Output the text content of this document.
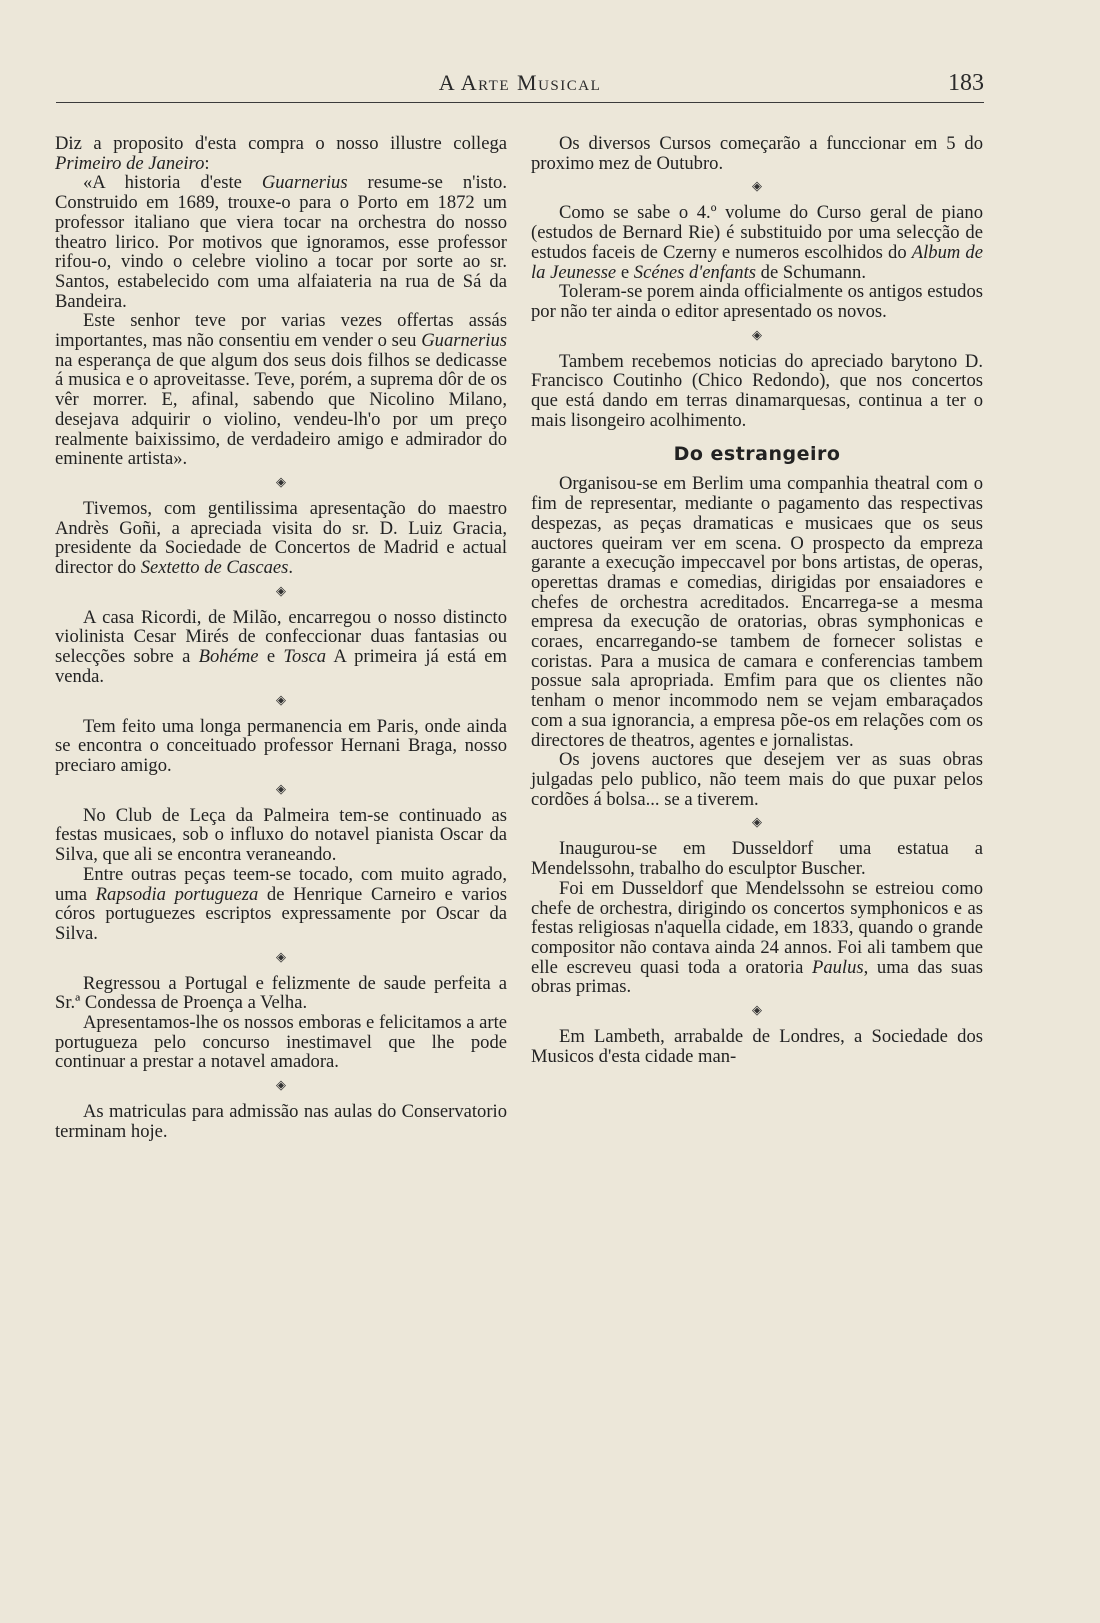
A Arte Musical	183

Diz a proposito d'esta compra o nosso illustre collega Primeiro de Janeiro:

«A historia d'este Guarnerius resume-se n'isto. Construido em 1689, trouxe-o para o Porto em 1872 um professor italiano que viera tocar na orchestra do nosso theatro lirico. Por motivos que ignoramos, esse professor rifou-o, vindo o celebre violino a tocar por sorte ao sr. Santos, estabelecido com uma alfaiateria na rua de Sá da Bandeira.

Este senhor teve por varias vezes offertas assás importantes, mas não consentiu em vender o seu Guarnerius na esperança de que algum dos seus dois filhos se dedicasse á musica e o aproveitasse. Teve, porém, a suprema dôr de os vêr morrer. E, afinal, sabendo que Nicolino Milano, desejava adquirir o violino, vendeu-lh'o por um preço realmente baixissimo, de verdadeiro amigo e admirador do eminente artista».

◈

Tivemos, com gentilissima apresentação do maestro Andrès Goñi, a apreciada visita do sr. D. Luiz Gracia, presidente da Sociedade de Concertos de Madrid e actual director do Sextetto de Cascaes.

◈

A casa Ricordi, de Milão, encarregou o nosso distincto violinista Cesar Mirés de confeccionar duas fantasias ou selecções sobre a Bohéme e Tosca A primeira já está em venda.

◈

Tem feito uma longa permanencia em Paris, onde ainda se encontra o conceituado professor Hernani Braga, nosso preciaro amigo.

◈

No Club de Leça da Palmeira tem-se continuado as festas musicaes, sob o influxo do notavel pianista Oscar da Silva, que ali se encontra veraneando.

Entre outras peças teem-se tocado, com muito agrado, uma Rapsodia portugueza de Henrique Carneiro e varios córos portuguezes escriptos expressamente por Oscar da Silva.

◈

Regressou a Portugal e felizmente de saude perfeita a Sr.ª Condessa de Proença a Velha.

Apresentamos-lhe os nossos emboras e felicitamos a arte portugueza pelo concurso inestimavel que lhe pode continuar a prestar a notavel amadora.

◈

As matriculas para admissão nas aulas do Conservatorio terminam hoje.

Os diversos Cursos começarão a funccionar em 5 do proximo mez de Outubro.

◈

Como se sabe o 4.º volume do Curso geral de piano (estudos de Bernard Rie) é substituido por uma selecção de estudos faceis de Czerny e numeros escolhidos do Album de la Jeunesse e Scénes d'enfants de Schumann.

Toleram-se porem ainda officialmente os antigos estudos por não ter ainda o editor apresentado os novos.

◈

Tambem recebemos noticias do apreciado barytono D. Francisco Coutinho (Chico Redondo), que nos concertos que está dando em terras dinamarquesas, continua a ter o mais lisongeiro acolhimento.

Do estrangeiro

Organisou-se em Berlim uma companhia theatral com o fim de representar, mediante o pagamento das respectivas despezas, as peças dramaticas e musicaes que os seus auctores queiram ver em scena. O prospecto da empreza garante a execução impeccavel por bons artistas, de operas, operettas dramas e comedias, dirigidas por ensaiadores e chefes de orchestra acreditados. Encarrega-se a mesma empresa da execução de oratorias, obras symphonicas e coraes, encarregando-se tambem de fornecer solistas e coristas. Para a musica de camara e conferencias tambem possue sala apropriada. Emfim para que os clientes não tenham o menor incommodo nem se vejam embaraçados com a sua ignorancia, a empresa põe-os em relações com os directores de theatros, agentes e jornalistas.

Os jovens auctores que desejem ver as suas obras julgadas pelo publico, não teem mais do que puxar pelos cordões á bolsa... se a tiverem.

◈

Inaugurou-se em Dusseldorf uma estatua a Mendelssohn, trabalho do esculptor Buscher.

Foi em Dusseldorf que Mendelssohn se estreiou como chefe de orchestra, dirigindo os concertos symphonicos e as festas religiosas n'aquella cidade, em 1833, quando o grande compositor não contava ainda 24 annos. Foi ali tambem que elle escreveu quasi toda a oratoria Paulus, uma das suas obras primas.

◈

Em Lambeth, arrabalde de Londres, a Sociedade dos Musicos d'esta cidade man-
